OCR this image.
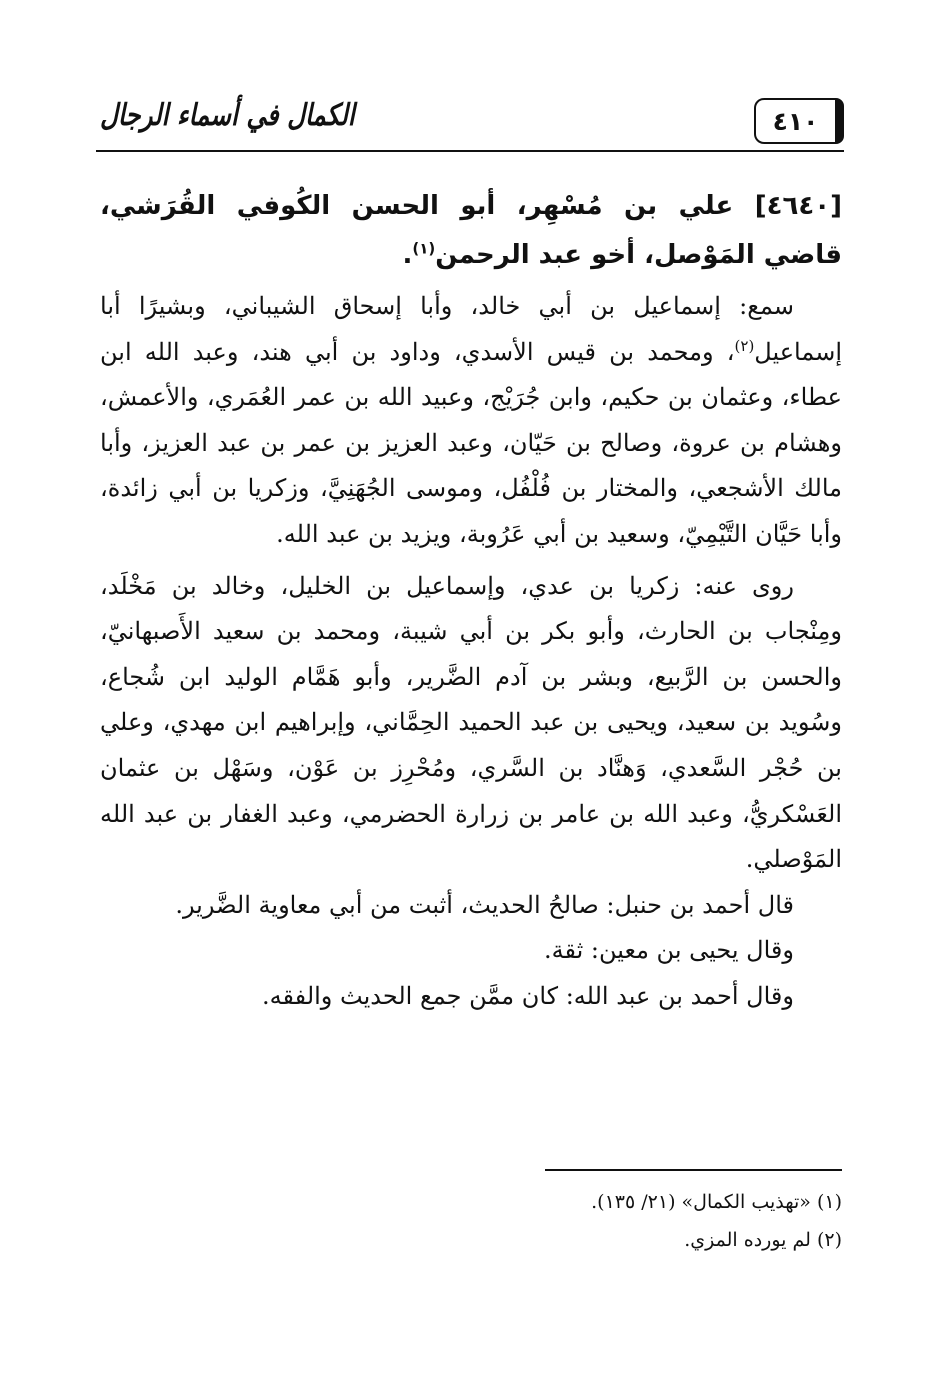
الكمال في أسماء الرجال	٤١٠

[٤٦٤٠] علي بن مُسْهِر، أبو الحسن الكُوفي القُرَشي، قاضي المَوْصل، أخو عبد الرحمن$^{(١)}$.

سمع: إسماعيل بن أبي خالد، وأبا إسحاق الشيباني، وبشيرًا أبا إسماعيل$^{(٢)}$، ومحمد بن قيس الأسدي، وداود بن أبي هند، وعبد الله ابن عطاء، وعثمان بن حكيم، وابن جُرَيْج، وعبيد الله بن عمر العُمَري، والأعمش، وهشام بن عروة، وصالح بن حَيّان، وعبد العزيز بن عمر بن عبد العزيز، وأبا مالك الأشجعي، والمختار بن فُلْفُل، وموسى الجُهَنِيَّ، وزكريا بن أبي زائدة، وأبا حَيَّان التَّيْمِيّ، وسعيد بن أبي عَرُوبة، ويزيد بن عبد الله.

روى عنه: زكريا بن عدي، وإسماعيل بن الخليل، وخالد بن مَخْلَد، ومِنْجاب بن الحارث، وأبو بكر بن أبي شيبة، ومحمد بن سعيد الأَصبهانيّ، والحسن بن الرَّبيع، وبشر بن آدم الضَّرير، وأبو هَمَّام الوليد ابن شُجاع، وسُويد بن سعيد، ويحيى بن عبد الحميد الحِمَّاني، وإبراهيم ابن مهدي، وعلي بن حُجْر السَّعدي، وَهنَّاد بن السَّري، ومُحْرِز بن عَوْن، وسَهْل بن عثمان العَسْكريُّ، وعبد الله بن عامر بن زرارة الحضرمي، وعبد الغفار بن عبد الله المَوْصلي.

قال أحمد بن حنبل: صالحُ الحديث، أثبت من أبي معاوية الضَّرير.

وقال يحيى بن معين: ثقة.

وقال أحمد بن عبد الله: كان ممَّن جمع الحديث والفقه.

(١) «تهذيب الكمال» (٢١/ ١٣٥).

(٢) لم يورده المزي.
